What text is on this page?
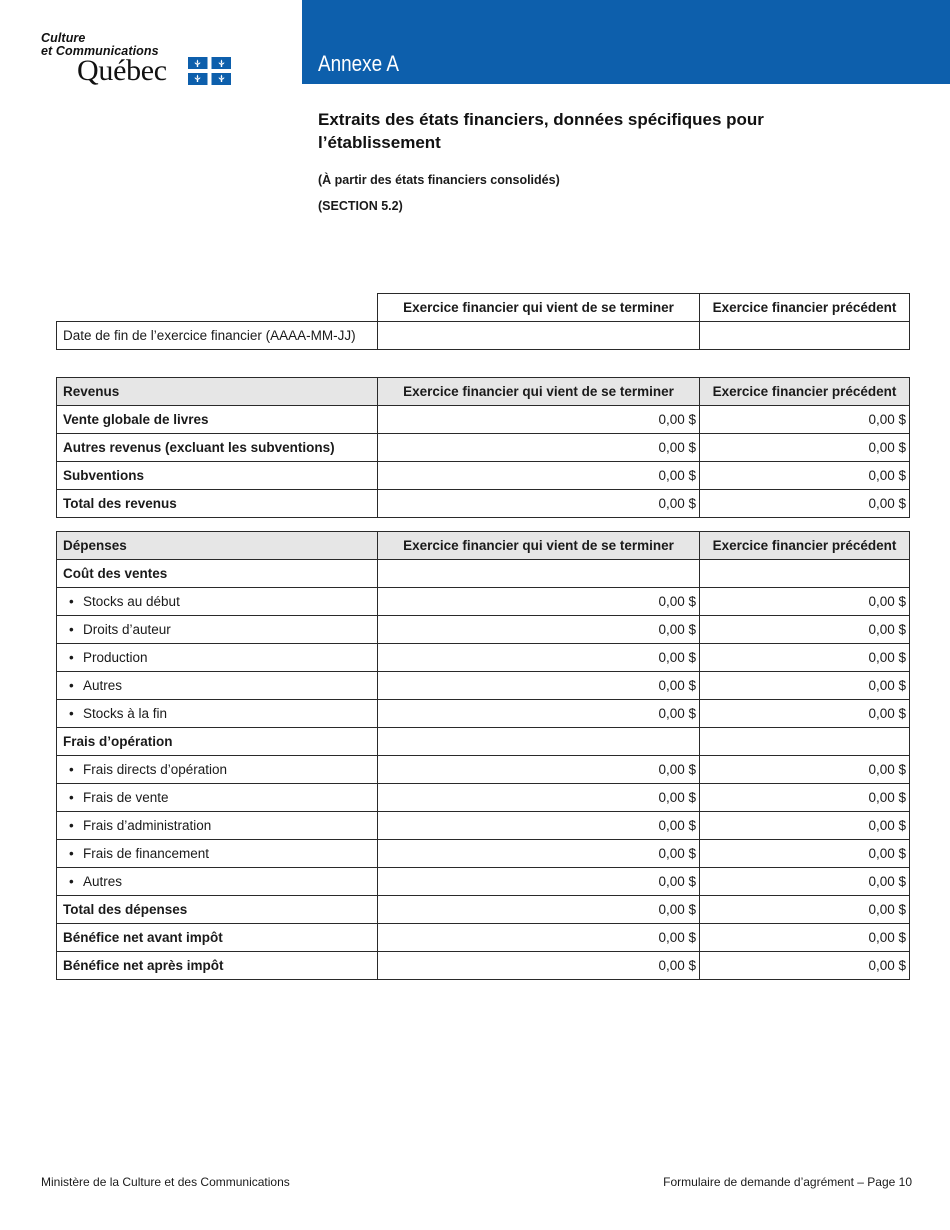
Culture
et Communications
Québec	Annexe A
Extraits des états financiers, données spécifiques pour l’établissement
(À partir des états financiers consolidés)
(SECTION 5.2)
	Exercice financier qui vient de se terminer	Exercice financier précédent
Date de fin de l’exercice financier (AAAA-MM-JJ)		
Revenus	Exercice financier qui vient de se terminer	Exercice financier précédent
Vente globale de livres	0,00 $	0,00 $
Autres revenus (excluant les subventions)	0,00 $	0,00 $
Subventions	0,00 $	0,00 $
Total des revenus	0,00 $	0,00 $
Dépenses	Exercice financier qui vient de se terminer	Exercice financier précédent
Coût des ventes		
• Stocks au début	0,00 $	0,00 $
• Droits d’auteur	0,00 $	0,00 $
• Production	0,00 $	0,00 $
• Autres	0,00 $	0,00 $
• Stocks à la fin	0,00 $	0,00 $
Frais d’opération		
• Frais directs d’opération	0,00 $	0,00 $
• Frais de vente	0,00 $	0,00 $
• Frais d’administration	0,00 $	0,00 $
• Frais de financement	0,00 $	0,00 $
• Autres	0,00 $	0,00 $
Total des dépenses	0,00 $	0,00 $
Bénéfice net avant impôt	0,00 $	0,00 $
Bénéfice net après impôt	0,00 $	0,00 $
Ministère de la Culture et des Communications	Formulaire de demande d’agrément – Page 10
